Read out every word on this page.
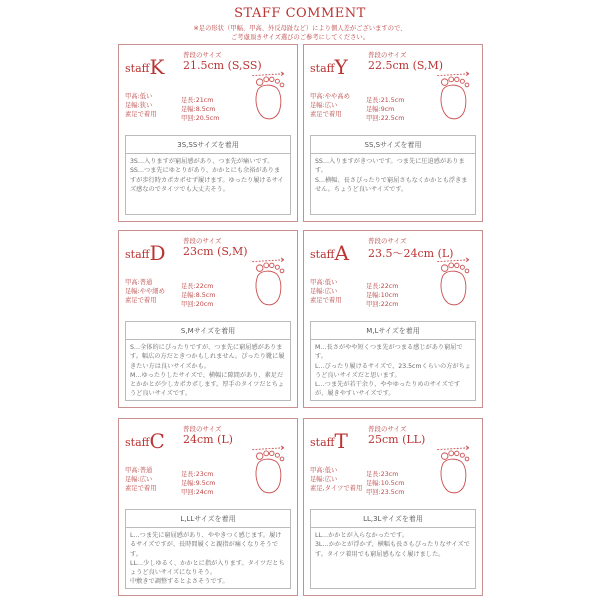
STAFF COMMENT
※足の形状（甲幅、甲高、外反母趾など）により個人差がございますので、
ご考慮頂きサイズ選びのご参考にしてください。
staffK	普段のサイズ
21.5cm (S,SS)
甲高:低い
足幅:狭い
素足で着用
足長:21cm
足幅:8.5cm
甲回:20.5cm
3S,SSサイズを着用
3S…入りますが窮屈感があり、つま先が痛いです。
SS…つま先にゆとりがあり、かかとにも余裕がありますが歩行時カポカポせず履けます。ゆったり履けるサイズ感なのでタイツでも大丈夫そう。
staffY	普段のサイズ
22.5cm (S,M)
甲高:やや高め
足幅:広い
素足で着用
足長:21.5cm
足幅:9cm
甲回:22.5cm
SS,Sサイズを着用
SS…入りますがきついです。つま先に圧迫感があります。
S…横幅、長さぴったりで窮屈さもなくかかとも浮きません。ちょうど良いサイズです。
staffD	普段のサイズ
23cm (S,M)
甲高:普通
足幅:やや細め
素足で着用
足長:22cm
足幅:8.5cm
甲回:20cm
S,Mサイズを着用
S…全体的にぴったりですが、つま先に窮屈感があります。幅広の方だときつかもしれません。ぴったり靴に履きたい方は良いサイズかも。
M…ゆったりしたサイズで、横幅に隙間があり、素足だとかかとが少しカポカポします。厚手のタイツだとちょうど良いサイズです。
staffA	普段のサイズ
23.5〜24cm (L)
甲高:低い
足幅:広い
素足で着用
足長:22cm
足幅:10cm
甲回:22cm
M,Lサイズを着用
M…長さがやや短くつま先がつまる感じがあり窮屈です。
L…ぴったり履けるサイズで、23.5cmくらいの方がちょうど良いサイズだと思います。
L…つま先が若干余り、ややゆったりめのサイズですが、履きやすいサイズです。
staffC	普段のサイズ
24cm (L)
甲高:普通
足幅:広い
素足で着用
足長:23cm
足幅:9.5cm
甲回:24cm
L,LLサイズを着用
L…つま先に窮屈感があり、ややきつく感じます。履けるサイズですが、長時間履くと親指が痛くなりそうです。
LL…少しゆるく、かかとに指が入ります。タイツだとちょうど良いサイズになりそう。
中敷きで調整するとよさそうです。
staffT	普段のサイズ
25cm (LL)
甲高:低い
足幅:広い
素足,タイツで着用
足長:23cm
足幅:10.5cm
甲回:23.5cm
LL,3Lサイズを着用
LL…かかとが入らなかったです。
3L…かかとが浮かず、横幅も長さもぴったりなサイズです。タイツ着用でも窮屈感もなく履けました。
